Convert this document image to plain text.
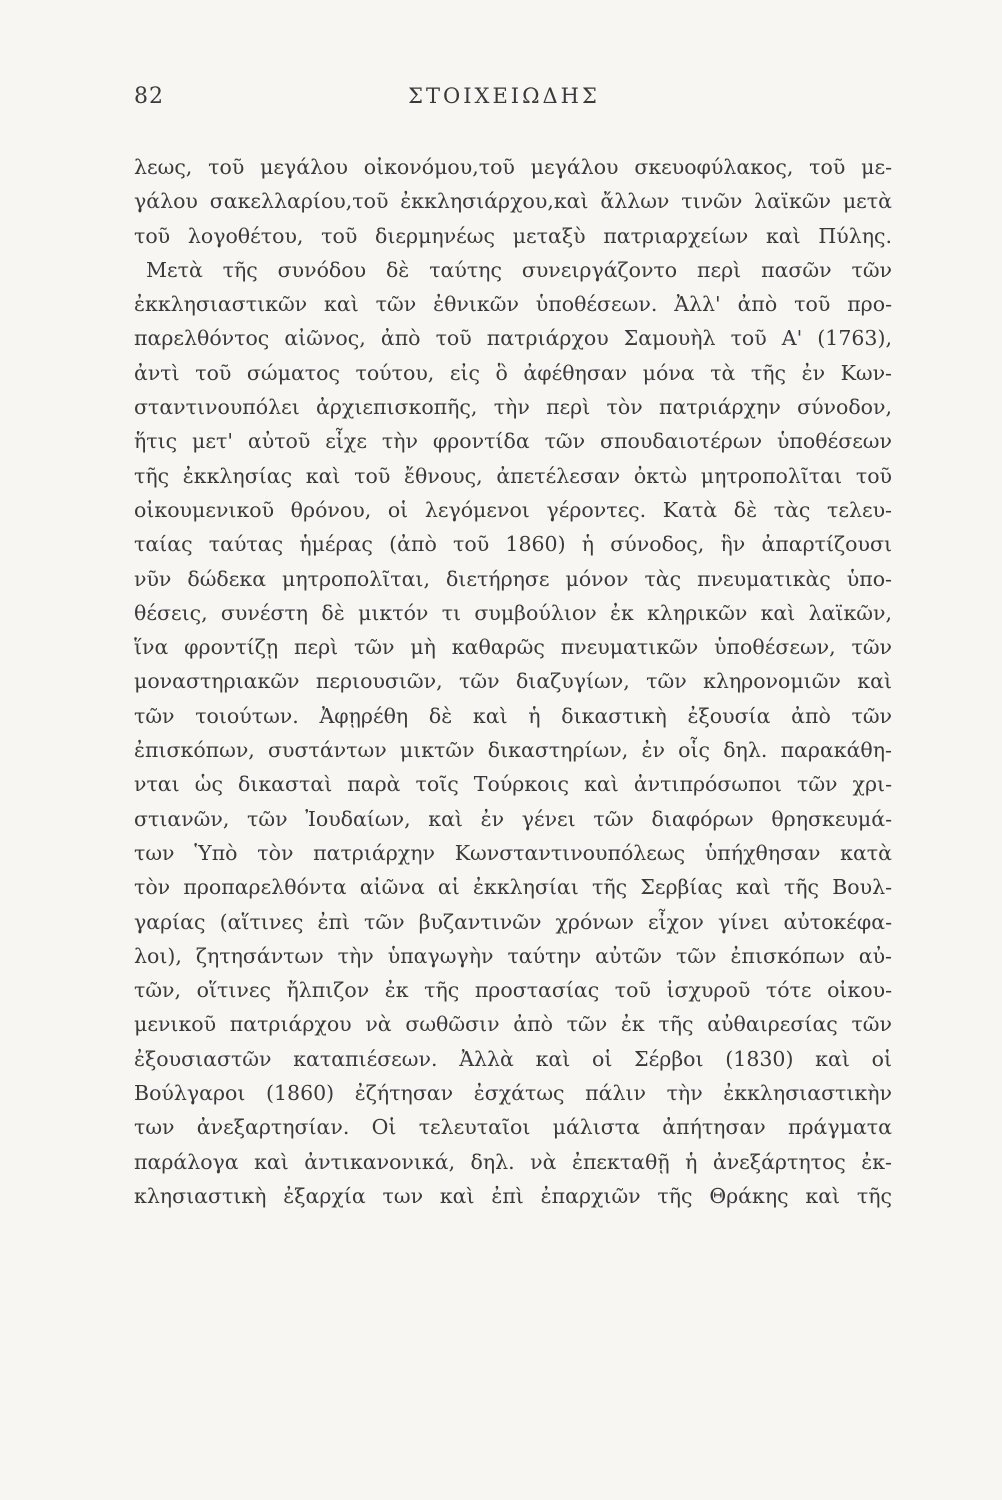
82	ΣΤΟΙΧΕΙΩΔΗΣ
λεως, τοῦ μεγάλου οἰκονόμου,τοῦ μεγάλου σκευοφύλακος, τοῦ με-
γάλου σακελλαρίου,τοῦ ἐκκλησιάρχου,καὶ ἄλλων τινῶν λαϊκῶν μετὰ
τοῦ λογοθέτου, τοῦ διερμηνέως μεταξὺ πατριαρχείων καὶ Πύλης.
Μετὰ τῆς συνόδου δὲ ταύτης συνειργάζοντο περὶ πασῶν τῶν
ἐκκλησιαστικῶν καὶ τῶν ἐθνικῶν ὑποθέσεων. Ἀλλ' ἀπὸ τοῦ προ-
παρελθόντος αἰῶνος, ἀπὸ τοῦ πατριάρχου Σαμουὴλ τοῦ Α' (1763),
ἀντὶ τοῦ σώματος τούτου, εἰς ὃ ἀφέθησαν μόνα τὰ τῆς ἐν Κων-
σταντινουπόλει ἀρχιεπισκοπῆς, τὴν περὶ τὸν πατριάρχην σύνοδον,
ἥτις μετ' αὐτοῦ εἶχε τὴν φροντίδα τῶν σπουδαιοτέρων ὑποθέσεων
τῆς ἐκκλησίας καὶ τοῦ ἔθνους, ἀπετέλεσαν ὀκτὼ μητροπολῖται τοῦ
οἰκουμενικοῦ θρόνου, οἱ λεγόμενοι γέροντες. Κατὰ δὲ τὰς τελευ-
ταίας ταύτας ἡμέρας (ἀπὸ τοῦ 1860) ἡ σύνοδος, ἣν ἀπαρτίζουσι
νῦν δώδεκα μητροπολῖται, διετήρησε μόνον τὰς πνευματικὰς ὑπο-
θέσεις, συνέστη δὲ μικτόν τι συμβούλιον ἐκ κληρικῶν καὶ λαϊκῶν,
ἵνα φροντίζῃ περὶ τῶν μὴ καθαρῶς πνευματικῶν ὑποθέσεων, τῶν
μοναστηριακῶν περιουσιῶν, τῶν διαζυγίων, τῶν κληρονομιῶν καὶ
τῶν τοιούτων. Ἀφῃρέθη δὲ καὶ ἡ δικαστικὴ ἐξουσία ἀπὸ τῶν
ἐπισκόπων, συστάντων μικτῶν δικαστηρίων, ἐν οἷς δηλ. παρακάθη-
νται ὡς δικασταὶ παρὰ τοῖς Τούρκοις καὶ ἀντιπρόσωποι τῶν χρι-
στιανῶν, τῶν Ἰουδαίων, καὶ ἐν γένει τῶν διαφόρων θρησκευμά-
των Ὑπὸ τὸν πατριάρχην Κωνσταντινουπόλεως ὑπήχθησαν κατὰ
τὸν προπαρελθόντα αἰῶνα αἱ ἐκκλησίαι τῆς Σερβίας καὶ τῆς Βουλ-
γαρίας (αἵτινες ἐπὶ τῶν βυζαντινῶν χρόνων εἶχον γίνει αὐτοκέφα-
λοι), ζητησάντων τὴν ὑπαγωγὴν ταύτην αὐτῶν τῶν ἐπισκόπων αὐ-
τῶν, οἵτινες ἤλπιζον ἐκ τῆς προστασίας τοῦ ἰσχυροῦ τότε οἰκου-
μενικοῦ πατριάρχου νὰ σωθῶσιν ἀπὸ τῶν ἐκ τῆς αὐθαιρεσίας τῶν
ἐξουσιαστῶν καταπιέσεων. Ἀλλὰ καὶ οἱ Σέρβοι (1830) καὶ οἱ
Βούλγαροι (1860) ἐζήτησαν ἐσχάτως πάλιν τὴν ἐκκλησιαστικὴν
των ἀνεξαρτησίαν. Οἱ τελευταῖοι μάλιστα ἀπήτησαν πράγματα
παράλογα καὶ ἀντικανονικά, δηλ. νὰ ἐπεκταθῇ ἡ ἀνεξάρτητος ἐκ-
κλησιαστικὴ ἐξαρχία των καὶ ἐπὶ ἐπαρχιῶν τῆς Θράκης καὶ τῆς
